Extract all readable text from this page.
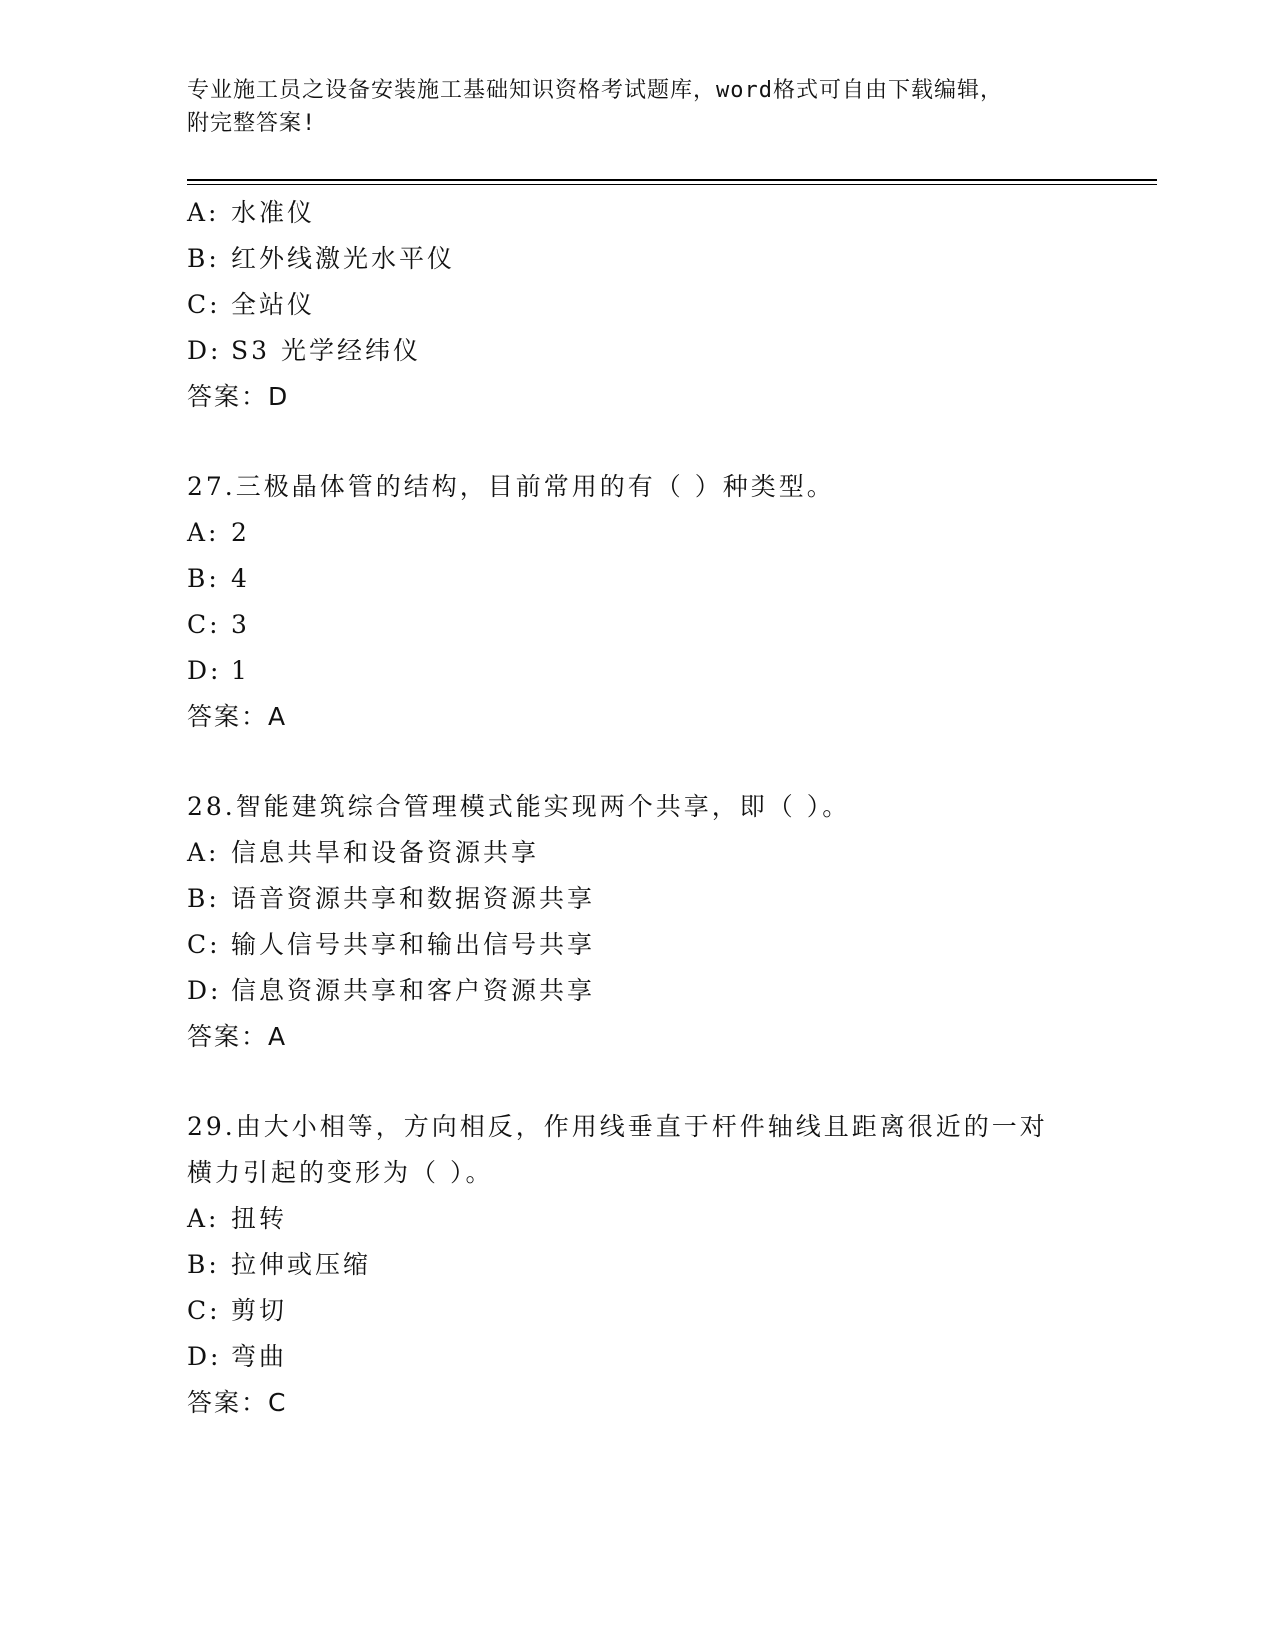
专业施工员之设备安装施工基础知识资格考试题库，word格式可自由下载编辑，
附完整答案!
A: 水准仪
B: 红外线激光水平仪
C: 全站仪
D: S3 光学经纬仪
答案：D
27.三极晶体管的结构，目前常用的有（ ）种类型。
A: 2
B: 4
C: 3
D: 1
答案：A
28.智能建筑综合管理模式能实现两个共享，即（ ）。
A: 信息共旱和设备资源共享
B: 语音资源共享和数据资源共享
C: 输人信号共享和输出信号共享
D: 信息资源共享和客户资源共享
答案：A
29.由大小相等，方向相反，作用线垂直于杆件轴线且距离很近的一对
横力引起的变形为（ ）。
A: 扭转
B: 拉伸或压缩
C: 剪切
D: 弯曲
答案：C
